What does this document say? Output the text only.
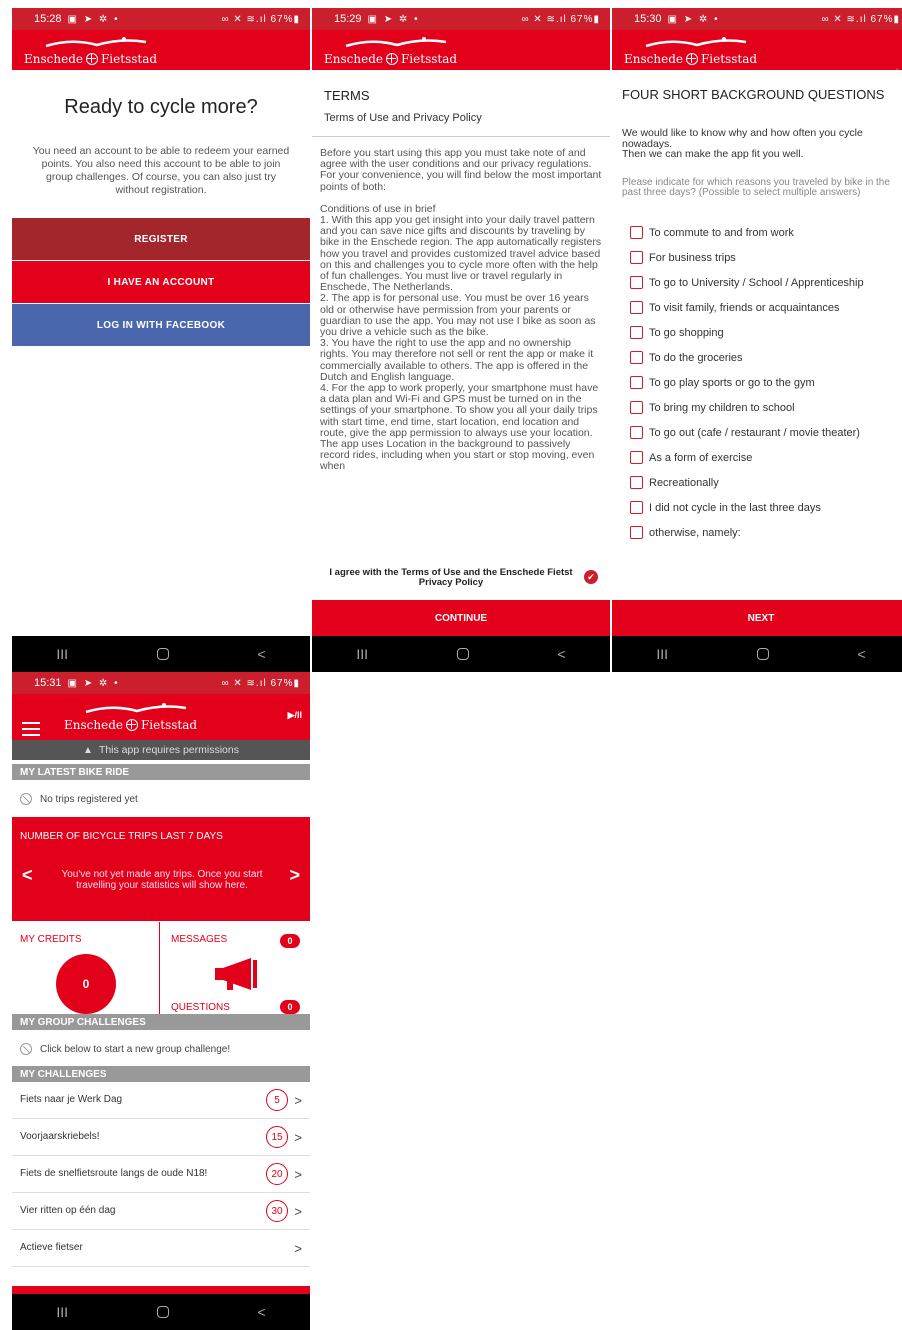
15:28 ▣ ➤ ✲ •	∞ ✕ ≋.ıl 67%▮
Enschede Fietsstad
Ready to cycle more?
You need an account to be able to redeem your earned points. You also need this account to be able to join group challenges. Of course, you can also just try without registration.
REGISTER
I HAVE AN ACCOUNT
LOG IN WITH FACEBOOK
III	<
15:29 ▣ ➤ ✲ •	∞ ✕ ≋.ıl 67%▮
Enschede Fietsstad
TERMS
Terms of Use and Privacy Policy

Before you start using this app you must take note of and agree with the user conditions and our privacy regulations. For your convenience, you will find below the most important points of both:

Conditions of use in brief
1. With this app you get insight into your daily travel pattern and you can save nice gifts and discounts by traveling by bike in the Enschede region. The app automatically registers how you travel and provides customized travel advice based on this and challenges you to cycle more often with the help of fun challenges. You must live or travel regularly in Enschede, The Netherlands.
2. The app is for personal use. You must be over 16 years old or otherwise have permission from your parents or guardian to use the app. You may not use I bike as soon as you drive a vehicle such as the bike.
3. You have the right to use the app and no ownership rights. You may therefore not sell or rent the app or make it commercially available to others. The app is offered in the Dutch and English language.
4. For the app to work properly, your smartphone must have a data plan and Wi-Fi and GPS must be turned on in the settings of your smartphone. To show you all your daily trips with start time, end time, start location, end location and route, give the app permission to always use your location. The app uses Location in the background to passively record rides, including when you start or stop moving, even when

I agree with the Terms of Use and the Enschede Fietst Privacy Policy
✔
CONTINUE
III	<
15:30 ▣ ➤ ✲ •	∞ ✕ ≋.ıl 67%▮
Enschede Fietsstad
✶
FOUR SHORT BACKGROUND QUESTIONS
We would like to know why and how often you cycle nowadays.
Then we can make the app fit you well.
Please indicate for which reasons you traveled by bike in the past three days? (Possible to select multiple answers)
To commute to and from work
For business trips
To go to University / School / Apprenticeship
To visit family, friends or acquaintances
To go shopping
To do the groceries
To go play sports or go to the gym
To bring my children to school
To go out (cafe / restaurant / movie theater)
As a form of exercise
Recreationally
I did not cycle in the last three days
otherwise, namely:
NEXT
III	<
15:31 ▣ ➤ ✲ •	∞ ✕ ≋.ıl 67%▮
Enschede Fietsstad
▶/II
▲ This app requires permissions
MY LATEST BIKE RIDE
No trips registered yet
NUMBER OF BICYCLE TRIPS LAST 7 DAYS
<	You've not yet made any trips. Once you start travelling your statistics will show here.
>
MY CREDITS
0
MESSAGES	0
QUESTIONS	0
MY GROUP CHALLENGES
Click below to start a new group challenge!
MY CHALLENGES
Fiets naar je Werk Dag	5	>
Voorjaarskriebels!	15 >
Fiets de snelfietsroute langs de oude N18!	20 >
Vier ritten op één dag	30 >
Actieve fietser	>
III	<
